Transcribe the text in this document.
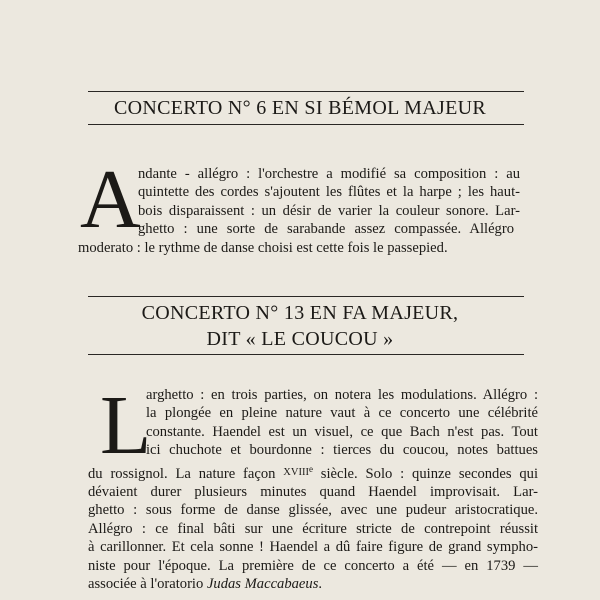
CONCERTO N° 6 EN SI BÉMOL MAJEUR
A
ndante - allégro : l'orchestre a modifié sa composition : au
quintette des cordes s'ajoutent les flûtes et la harpe ; les haut-
bois disparaissent : un désir de varier la couleur sonore. Lar-
ghetto : une sorte de sarabande assez compassée. Allégro
moderato : le rythme de danse choisi est cette fois le passepied.
CONCERTO N° 13 EN FA MAJEUR,
DIT « LE COUCOU »
L
arghetto : en trois parties, on notera les modulations. Allégro :
la plongée en pleine nature vaut à ce concerto une célébrité
constante. Haendel est un visuel, ce que Bach n'est pas. Tout
ici chuchote et bourdonne : tierces du coucou, notes battues
du rossignol. La nature façon $^{XVIIIe}$ siècle. Solo : quinze secondes qui
dévaient durer plusieurs minutes quand Haendel improvisait. Lar-
ghetto : sous forme de danse glissée, avec une pudeur aristocratique.
Allégro : ce final bâti sur une écriture stricte de contrepoint réussit
à carillonner. Et cela sonne ! Haendel a dû faire figure de grand sympho-
niste pour l'époque. La première de ce concerto a été — en 1739 —
associée à l'oratorio Judas Maccabaeus.
